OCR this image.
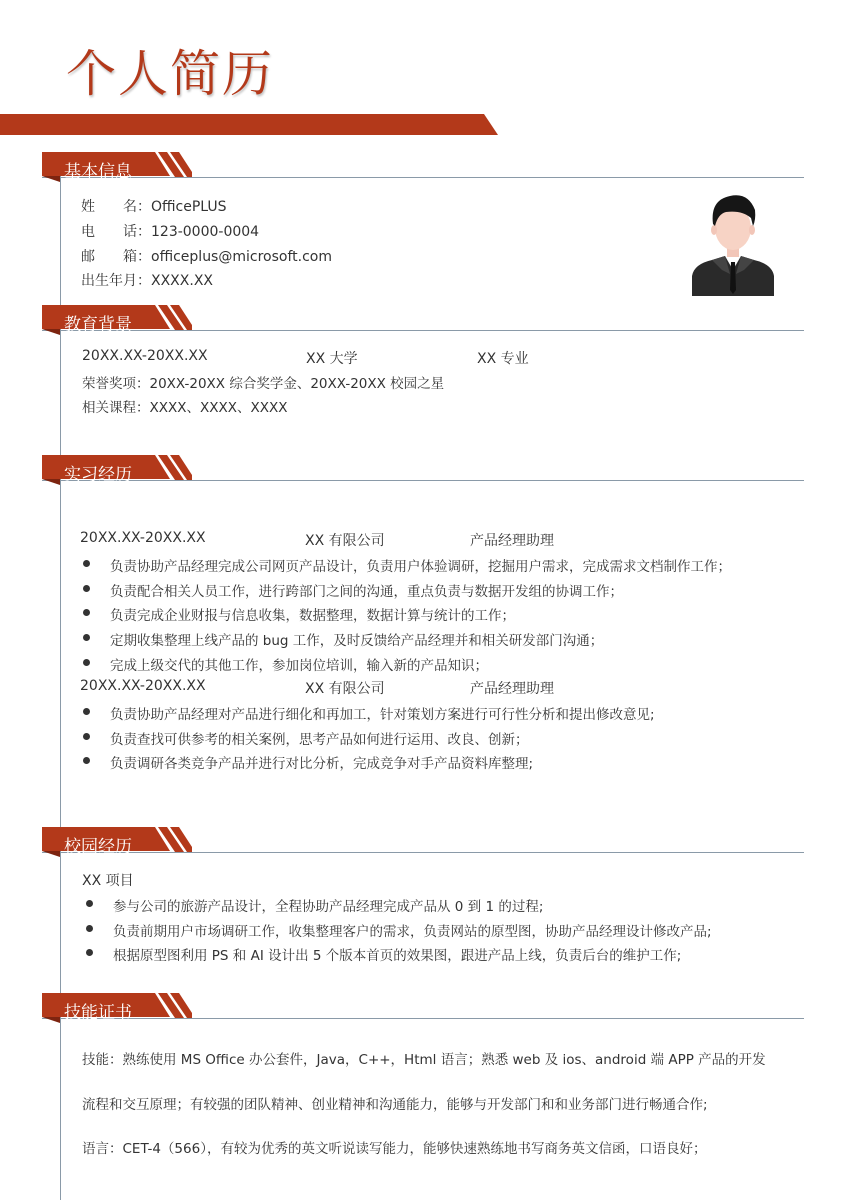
个人简历
基本信息
姓　　名：OfficePLUS
电　　话：123-0000-0004
邮　　箱：officeplus@microsoft.com
出生年月：XXXX.XX
教育背景
20XX.XX-20XX.XX	XX 大学	XX 专业
荣誉奖项：20XX-20XX 综合奖学金、20XX-20XX 校园之星
相关课程：XXXX、XXXX、XXXX
实习经历
20XX.XX-20XX.XX	XX 有限公司	产品经理助理
负责协助产品经理完成公司网页产品设计，负责用户体验调研，挖掘用户需求，完成需求文档制作工作；
负责配合相关人员工作，进行跨部门之间的沟通，重点负责与数据开发组的协调工作；
负责完成企业财报与信息收集，数据整理，数据计算与统计的工作；
定期收集整理上线产品的 bug 工作，及时反馈给产品经理并和相关研发部门沟通；
完成上级交代的其他工作，参加岗位培训，输入新的产品知识；
20XX.XX-20XX.XX	XX 有限公司	产品经理助理
负责协助产品经理对产品进行细化和再加工，针对策划方案进行可行性分析和提出修改意见;
负责查找可供参考的相关案例，思考产品如何进行运用、改良、创新；
负责调研各类竞争产品并进行对比分析，完成竞争对手产品资料库整理;
校园经历
XX 项目
参与公司的旅游产品设计，全程协助产品经理完成产品从 0 到 1 的过程;
负责前期用户市场调研工作，收集整理客户的需求，负责网站的原型图，协助产品经理设计修改产品;
根据原型图利用 PS 和 AI 设计出 5 个版本首页的效果图，跟进产品上线，负责后台的维护工作;
技能证书
技能：熟练使用 MS Office 办公套件，Java，C++，Html 语言；熟悉 web 及 ios、android 端 APP 产品的开发
流程和交互原理；有较强的团队精神、创业精神和沟通能力，能够与开发部门和和业务部门进行畅通合作;
语言：CET-4（566），有较为优秀的英文听说读写能力，能够快速熟练地书写商务英文信函，口语良好；
